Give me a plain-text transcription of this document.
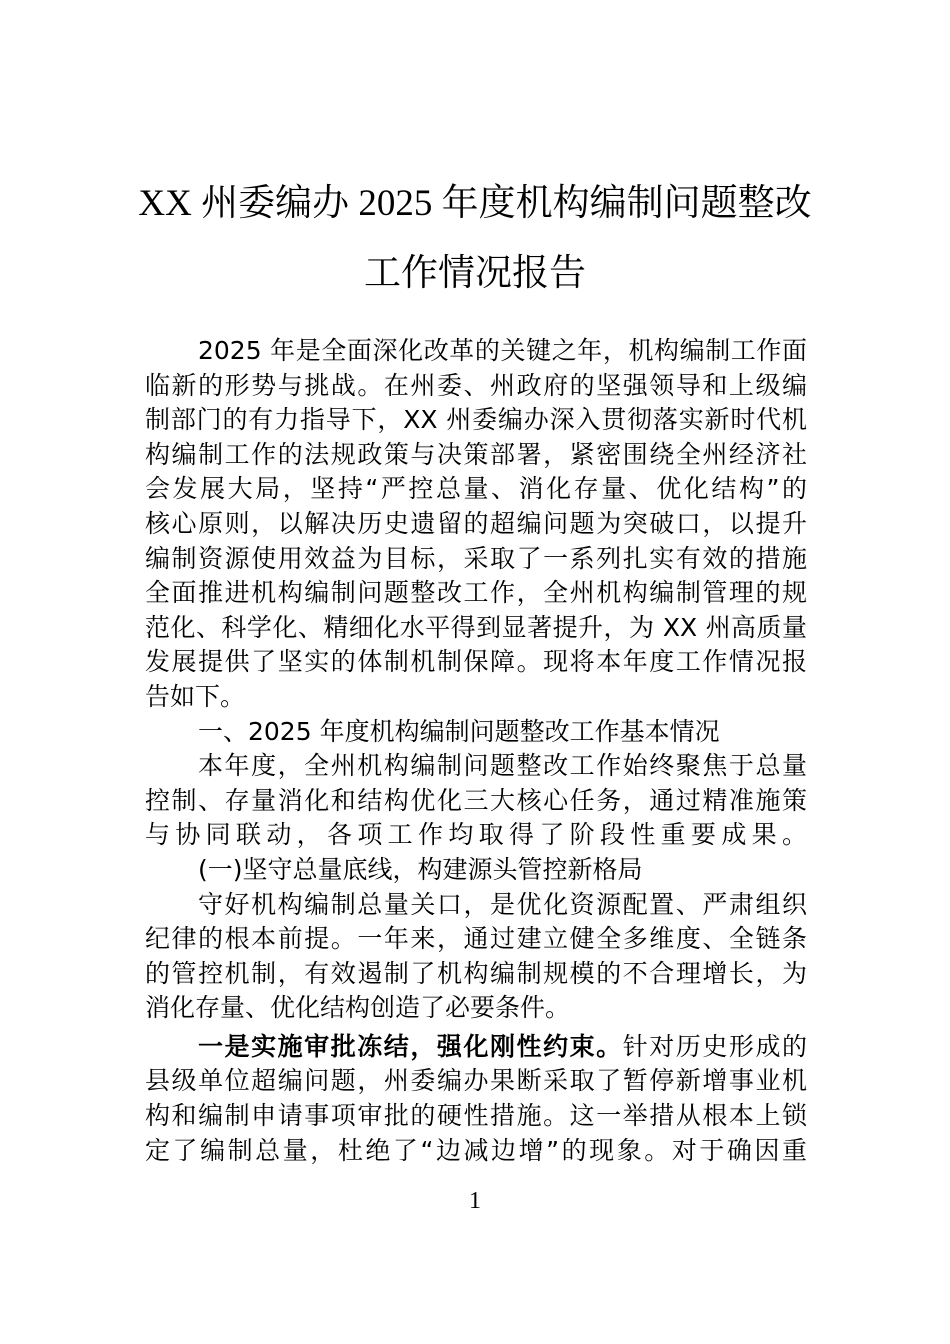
XX 州委编办 2025 年度机构编制问题整改
工作情况报告
2025 年是全面深化改革的关键之年，机构编制工作面
临新的形势与挑战。在州委、州政府的坚强领导和上级编
制部门的有力指导下，XX 州委编办深入贯彻落实新时代机
构编制工作的法规政策与决策部署，紧密围绕全州经济社
会发展大局，坚持“严控总量、消化存量、优化结构”的
核心原则，以解决历史遗留的超编问题为突破口，以提升
编制资源使用效益为目标，采取了一系列扎实有效的措施
全面推进机构编制问题整改工作，全州机构编制管理的规
范化、科学化、精细化水平得到显著提升，为 XX 州高质量
发展提供了坚实的体制机制保障。现将本年度工作情况报
告如下。
一、2025 年度机构编制问题整改工作基本情况
本年度，全州机构编制问题整改工作始终聚焦于总量
控制、存量消化和结构优化三大核心任务，通过精准施策
与协同联动，各项工作均取得了阶段性重要成果。
(一)坚守总量底线，构建源头管控新格局
守好机构编制总量关口，是优化资源配置、严肃组织
纪律的根本前提。一年来，通过建立健全多维度、全链条
的管控机制，有效遏制了机构编制规模的不合理增长，为
消化存量、优化结构创造了必要条件。
一是实施审批冻结，强化刚性约束。针对历史形成的
县级单位超编问题，州委编办果断采取了暂停新增事业机
构和编制申请事项审批的硬性措施。这一举措从根本上锁
定了编制总量，杜绝了“边减边增”的现象。对于确因重
1
